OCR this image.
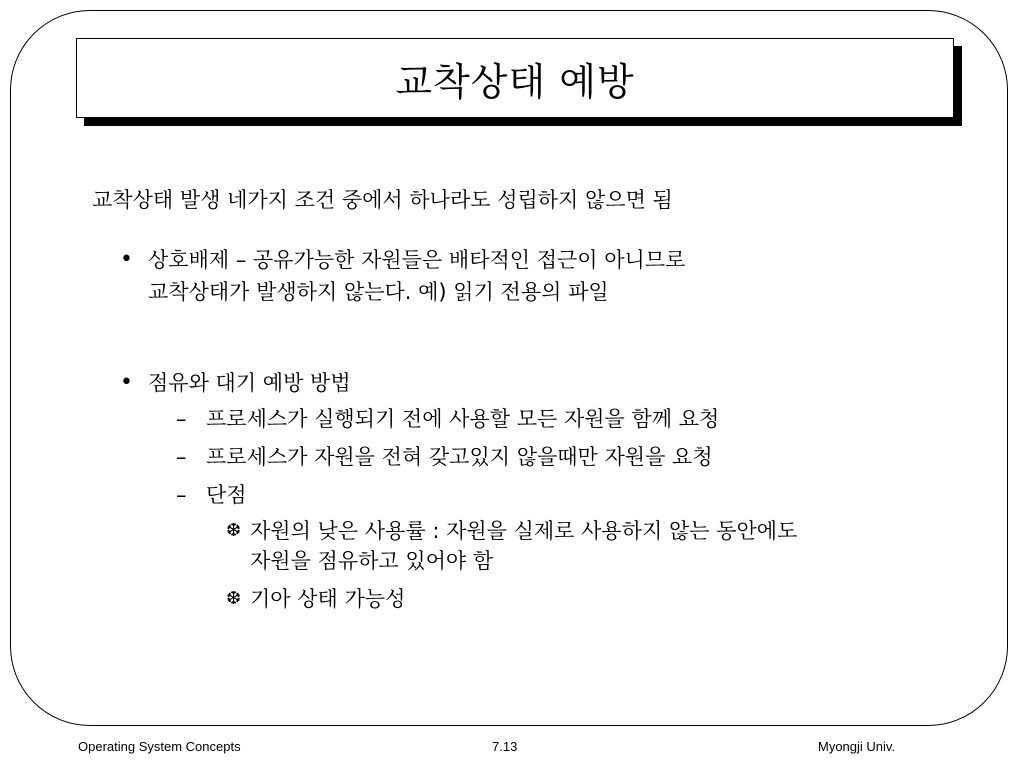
교착상태 예방
교착상태 발생 네가지 조건 중에서 하나라도 성립하지 않으면 됨
• 상호배제 – 공유가능한 자원들은 배타적인 접근이 아니므로
교착상태가 발생하지 않는다. 예) 읽기 전용의 파일
• 점유와 대기 예방 방법
– 프로세스가 실행되기 전에 사용할 모든 자원을 함께 요청
– 프로세스가 자원을 전혀 갖고있지 않을때만 자원을 요청
– 단점
❆ 자원의 낮은 사용률 : 자원을 실제로 사용하지 않는 동안에도
자원을 점유하고 있어야 함
❆ 기아 상태 가능성
Operating System Concepts	7.13	Myongji Univ.
